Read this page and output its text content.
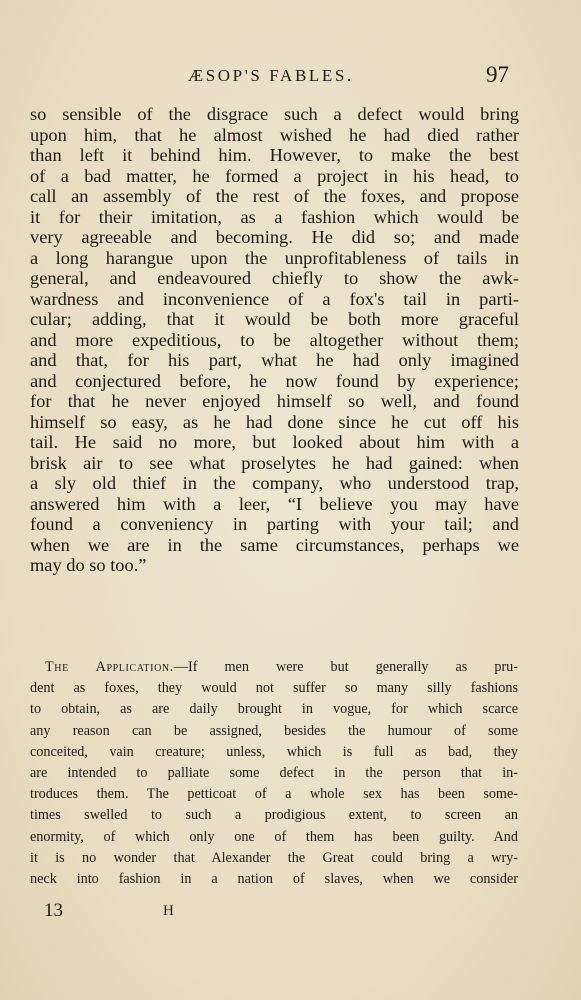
ÆSOP'S FABLES.	97
so sensible of the disgrace such a defect would bring
upon him, that he almost wished he had died rather
than left it behind him. However, to make the best
of a bad matter, he formed a project in his head, to
call an assembly of the rest of the foxes, and propose
it for their imitation, as a fashion which would be
very agreeable and becoming. He did so; and made
a long harangue upon the unprofitableness of tails in
general, and endeavoured chiefly to show the awk-
wardness and inconvenience of a fox's tail in parti-
cular; adding, that it would be both more graceful
and more expeditious, to be altogether without them;
and that, for his part, what he had only imagined
and conjectured before, he now found by experience;
for that he never enjoyed himself so well, and found
himself so easy, as he had done since he cut off his
tail. He said no more, but looked about him with a
brisk air to see what proselytes he had gained: when
a sly old thief in the company, who understood trap,
answered him with a leer, “I believe you may have
found a conveniency in parting with your tail; and
when we are in the same circumstances, perhaps we
may do so too.”
The Application.—If men were but generally as pru-
dent as foxes, they would not suffer so many silly fashions
to obtain, as are daily brought in vogue, for which scarce
any reason can be assigned, besides the humour of some
conceited, vain creature; unless, which is full as bad, they
are intended to palliate some defect in the person that in-
troduces them. The petticoat of a whole sex has been some-
times swelled to such a prodigious extent, to screen an
enormity, of which only one of them has been guilty. And
it is no wonder that Alexander the Great could bring a wry-
neck into fashion in a nation of slaves, when we consider
13	H
